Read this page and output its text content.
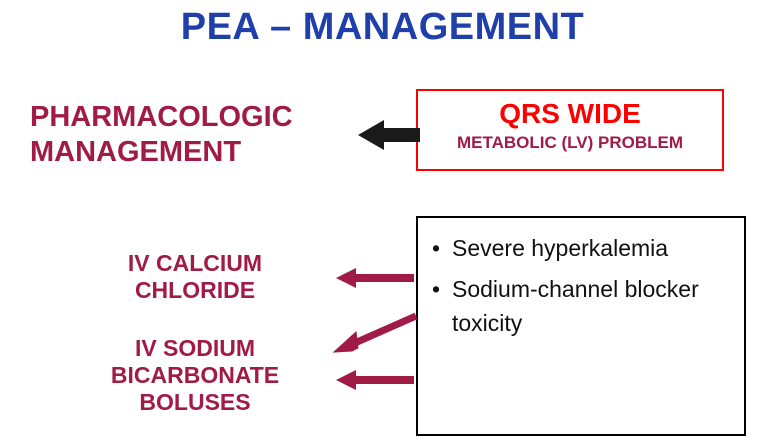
PEA – MANAGEMENT
PHARMACOLOGIC
MANAGEMENT
IV CALCIUM
CHLORIDE
IV SODIUM
BICARBONATE
BOLUSES
QRS WIDE
METABOLIC (LV) PROBLEM
• Severe hyperkalemia
• Sodium-channel blocker toxicity
